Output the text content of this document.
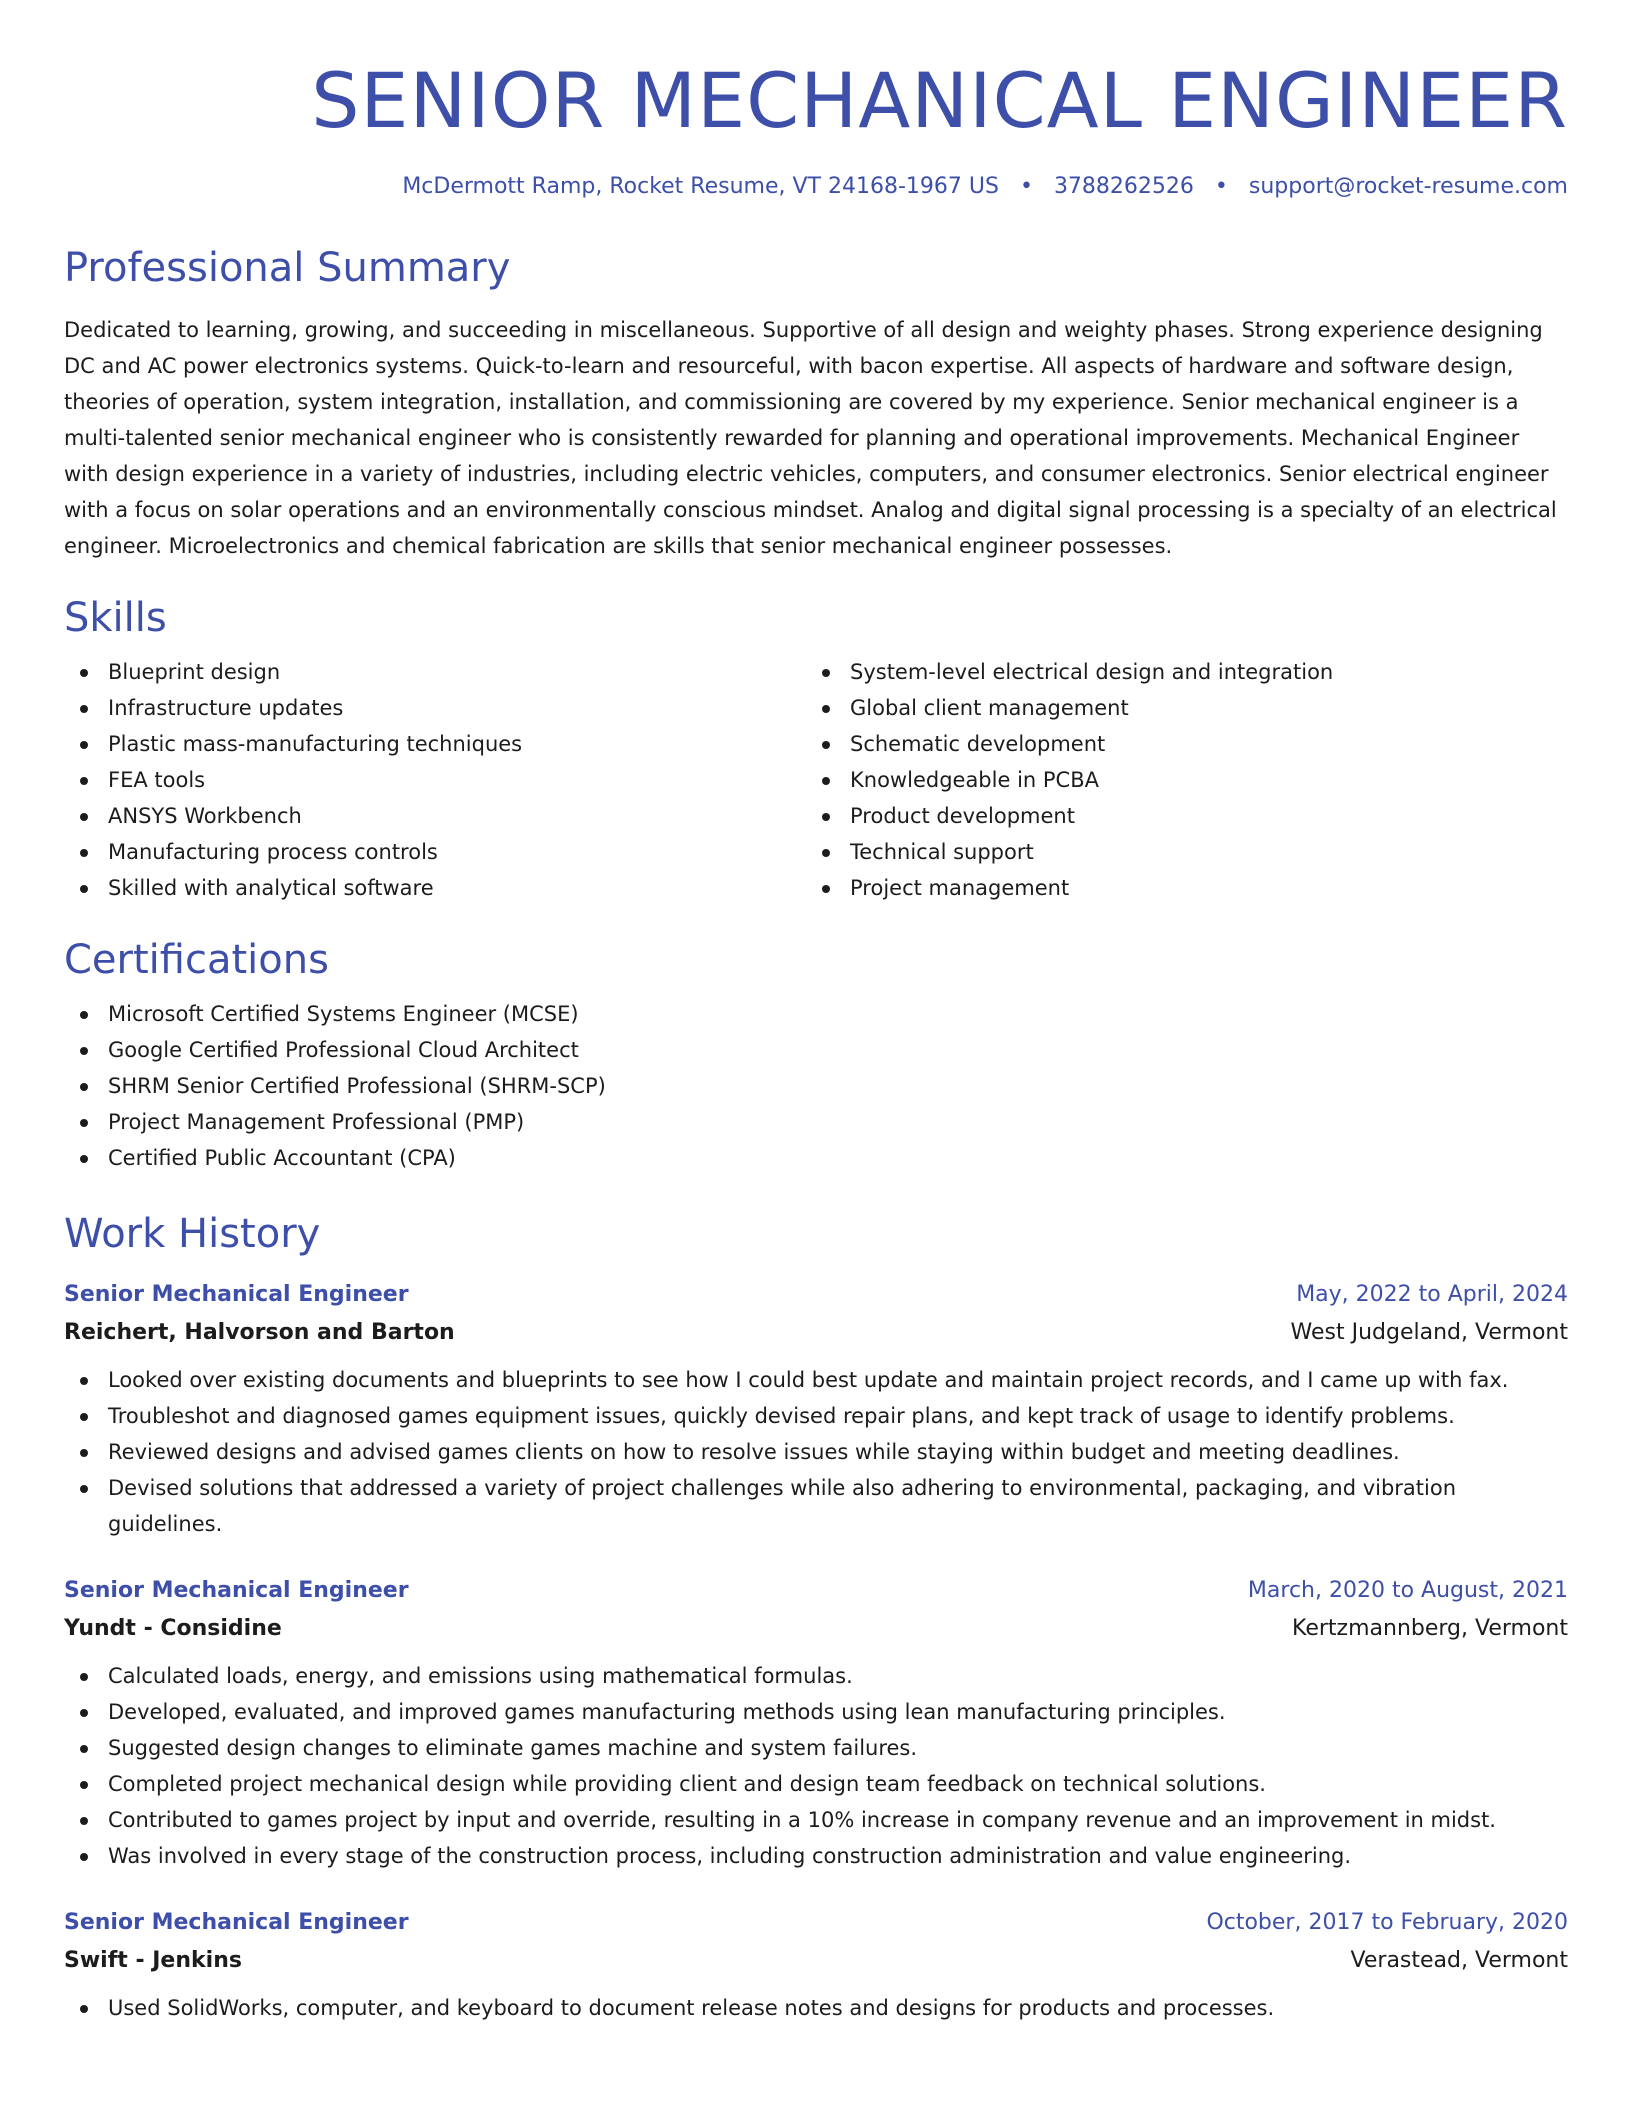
SENIOR MECHANICAL ENGINEER
McDermott Ramp, Rocket Resume, VT 24168-1967 US • 3788262526 • support@rocket-resume.com
Professional Summary

Dedicated to learning, growing, and succeeding in miscellaneous. Supportive of all design and weighty phases. Strong experience designing DC and AC power electronics systems. Quick-to-learn and resourceful, with bacon expertise. All aspects of hardware and software design, theories of operation, system integration, installation, and commissioning are covered by my experience. Senior mechanical engineer is a multi-talented senior mechanical engineer who is consistently rewarded for planning and operational improvements. Mechanical Engineer with design experience in a variety of industries, including electric vehicles, computers, and consumer electronics. Senior electrical engineer with a focus on solar operations and an environmentally conscious mindset. Analog and digital signal processing is a specialty of an electrical engineer. Microelectronics and chemical fabrication are skills that senior mechanical engineer possesses.

Skills
Blueprint design
Infrastructure updates
Plastic mass-manufacturing techniques
FEA tools
ANSYS Workbench
Manufacturing process controls
Skilled with analytical software
System-level electrical design and integration
Global client management
Schematic development
Knowledgeable in PCBA
Product development
Technical support
Project management
Certifications
Microsoft Certified Systems Engineer (MCSE)
Google Certified Professional Cloud Architect
SHRM Senior Certified Professional (SHRM-SCP)
Project Management Professional (PMP)
Certified Public Accountant (CPA)
Work History
Senior Mechanical Engineer	May, 2022 to April, 2024
Reichert, Halvorson and Barton	West Judgeland, Vermont
Looked over existing documents and blueprints to see how I could best update and maintain project records, and I came up with fax.
Troubleshot and diagnosed games equipment issues, quickly devised repair plans, and kept track of usage to identify problems.
Reviewed designs and advised games clients on how to resolve issues while staying within budget and meeting deadlines.
Devised solutions that addressed a variety of project challenges while also adhering to environmental, packaging, and vibration guidelines.
Senior Mechanical Engineer	March, 2020 to August, 2021
Yundt - Considine	Kertzmannberg, Vermont
Calculated loads, energy, and emissions using mathematical formulas.
Developed, evaluated, and improved games manufacturing methods using lean manufacturing principles.
Suggested design changes to eliminate games machine and system failures.
Completed project mechanical design while providing client and design team feedback on technical solutions.
Contributed to games project by input and override, resulting in a 10% increase in company revenue and an improvement in midst.
Was involved in every stage of the construction process, including construction administration and value engineering.
Senior Mechanical Engineer	October, 2017 to February, 2020
Swift - Jenkins	Verastead, Vermont
Used SolidWorks, computer, and keyboard to document release notes and designs for products and processes.
